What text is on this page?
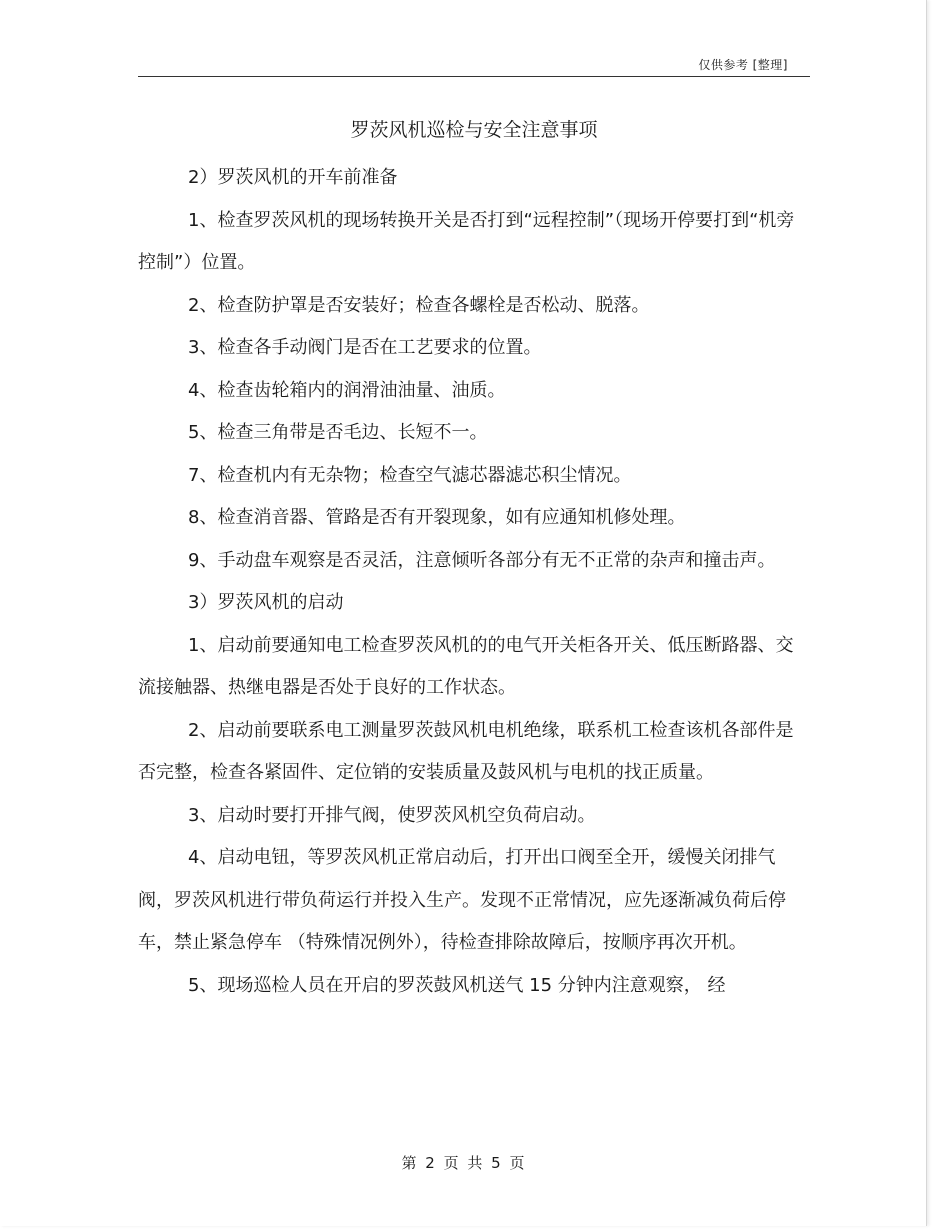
仅供参考 [整理]
罗茨风机巡检与安全注意事项

2）罗茨风机的开车前准备

1、检查罗茨风机的现场转换开关是否打到“远程控制”（现场开停要打到“机旁控制”）位置。

2、检查防护罩是否安装好；检查各螺栓是否松动、脱落。

3、检查各手动阀门是否在工艺要求的位置。

4、检查齿轮箱内的润滑油油量、油质。

5、检查三角带是否毛边、长短不一。

7、检查机内有无杂物；检查空气滤芯器滤芯积尘情况。

8、检查消音器、管路是否有开裂现象，如有应通知机修处理。

9、手动盘车观察是否灵活，注意倾听各部分有无不正常的杂声和撞击声。

3）罗茨风机的启动

1、启动前要通知电工检查罗茨风机的的电气开关柜各开关、低压断路器、交流接触器、热继电器是否处于良好的工作状态。

2、启动前要联系电工测量罗茨鼓风机电机绝缘，联系机工检查该机各部件是否完整，检查各紧固件、定位销的安装质量及鼓风机与电机的找正质量。

3、启动时要打开排气阀，使罗茨风机空负荷启动。

4、启动电钮，等罗茨风机正常启动后，打开出口阀至全开，缓慢关闭排气阀，罗茨风机进行带负荷运行并投入生产。发现不正常情况，应先逐渐减负荷后停车，禁止紧急停车 （特殊情况例外），待检查排除故障后，按顺序再次开机。

5、现场巡检人员在开启的罗茨鼓风机送气 15 分钟内注意观察， 经

第 2 页 共 5 页
